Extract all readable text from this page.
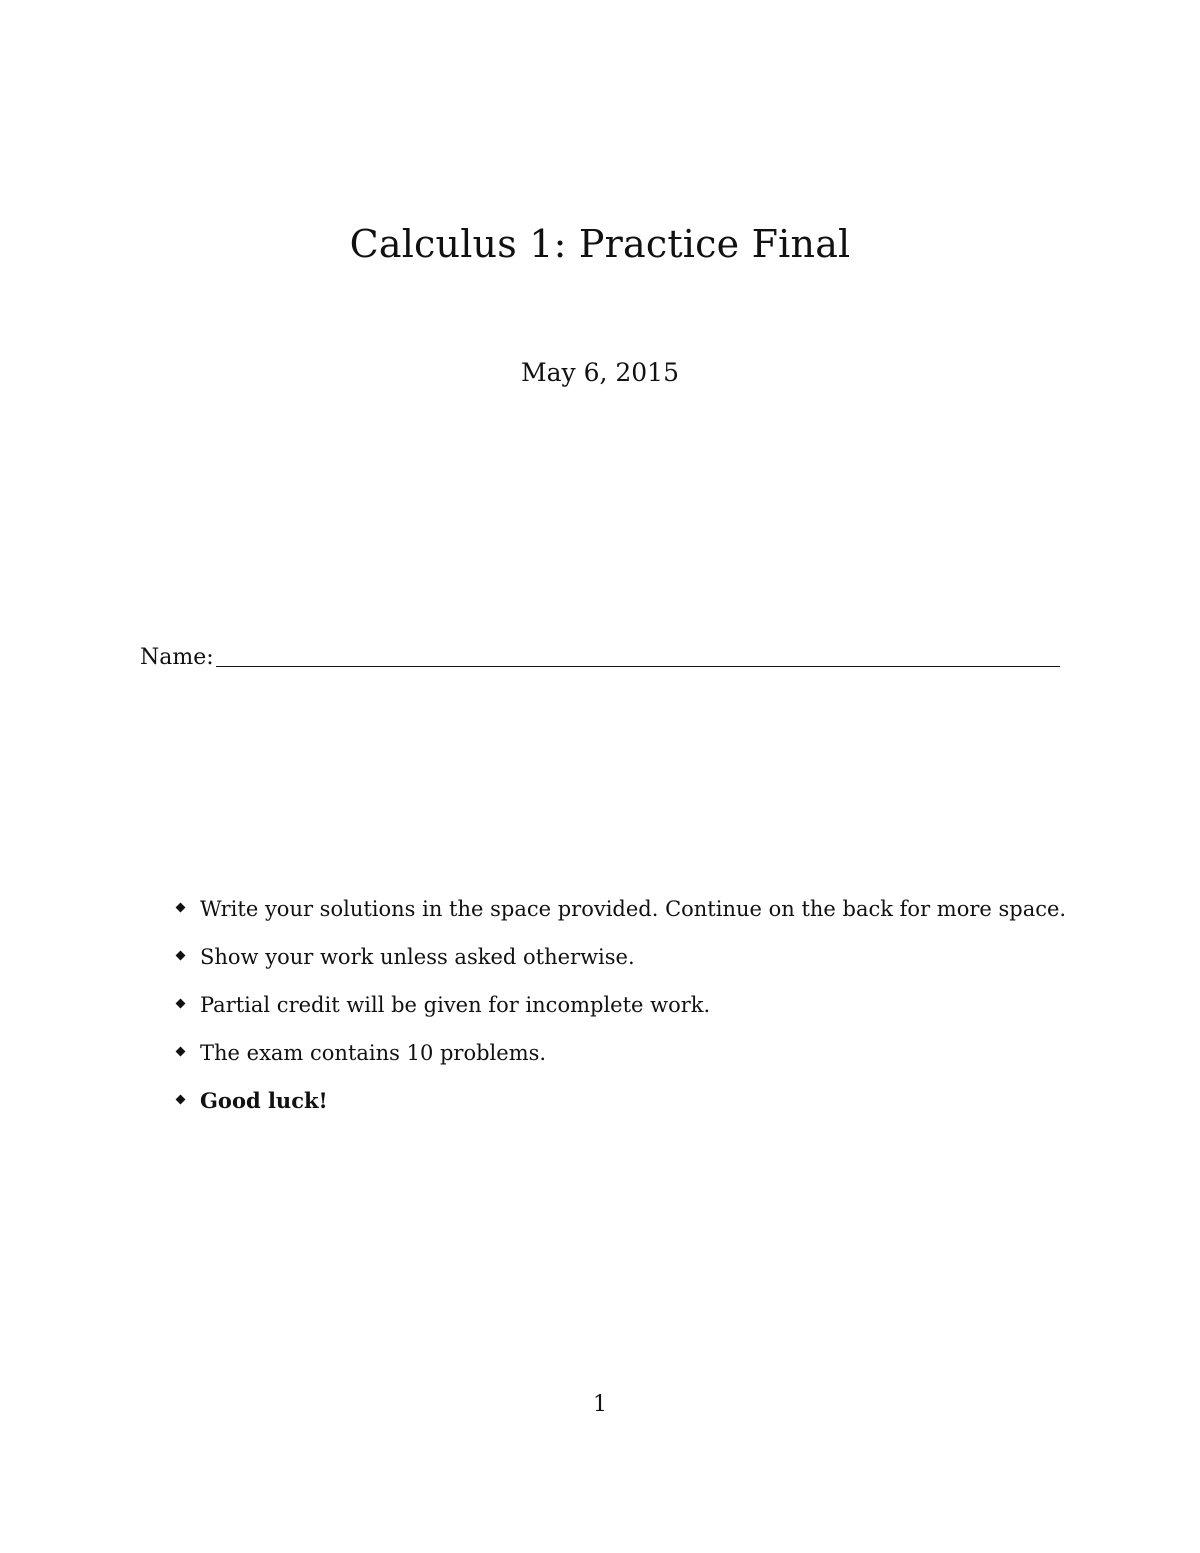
Calculus 1: Practice Final
May 6, 2015
Name:
Write your solutions in the space provided. Continue on the back for more space.
Show your work unless asked otherwise.
Partial credit will be given for incomplete work.
The exam contains 10 problems.
Good luck!
1
